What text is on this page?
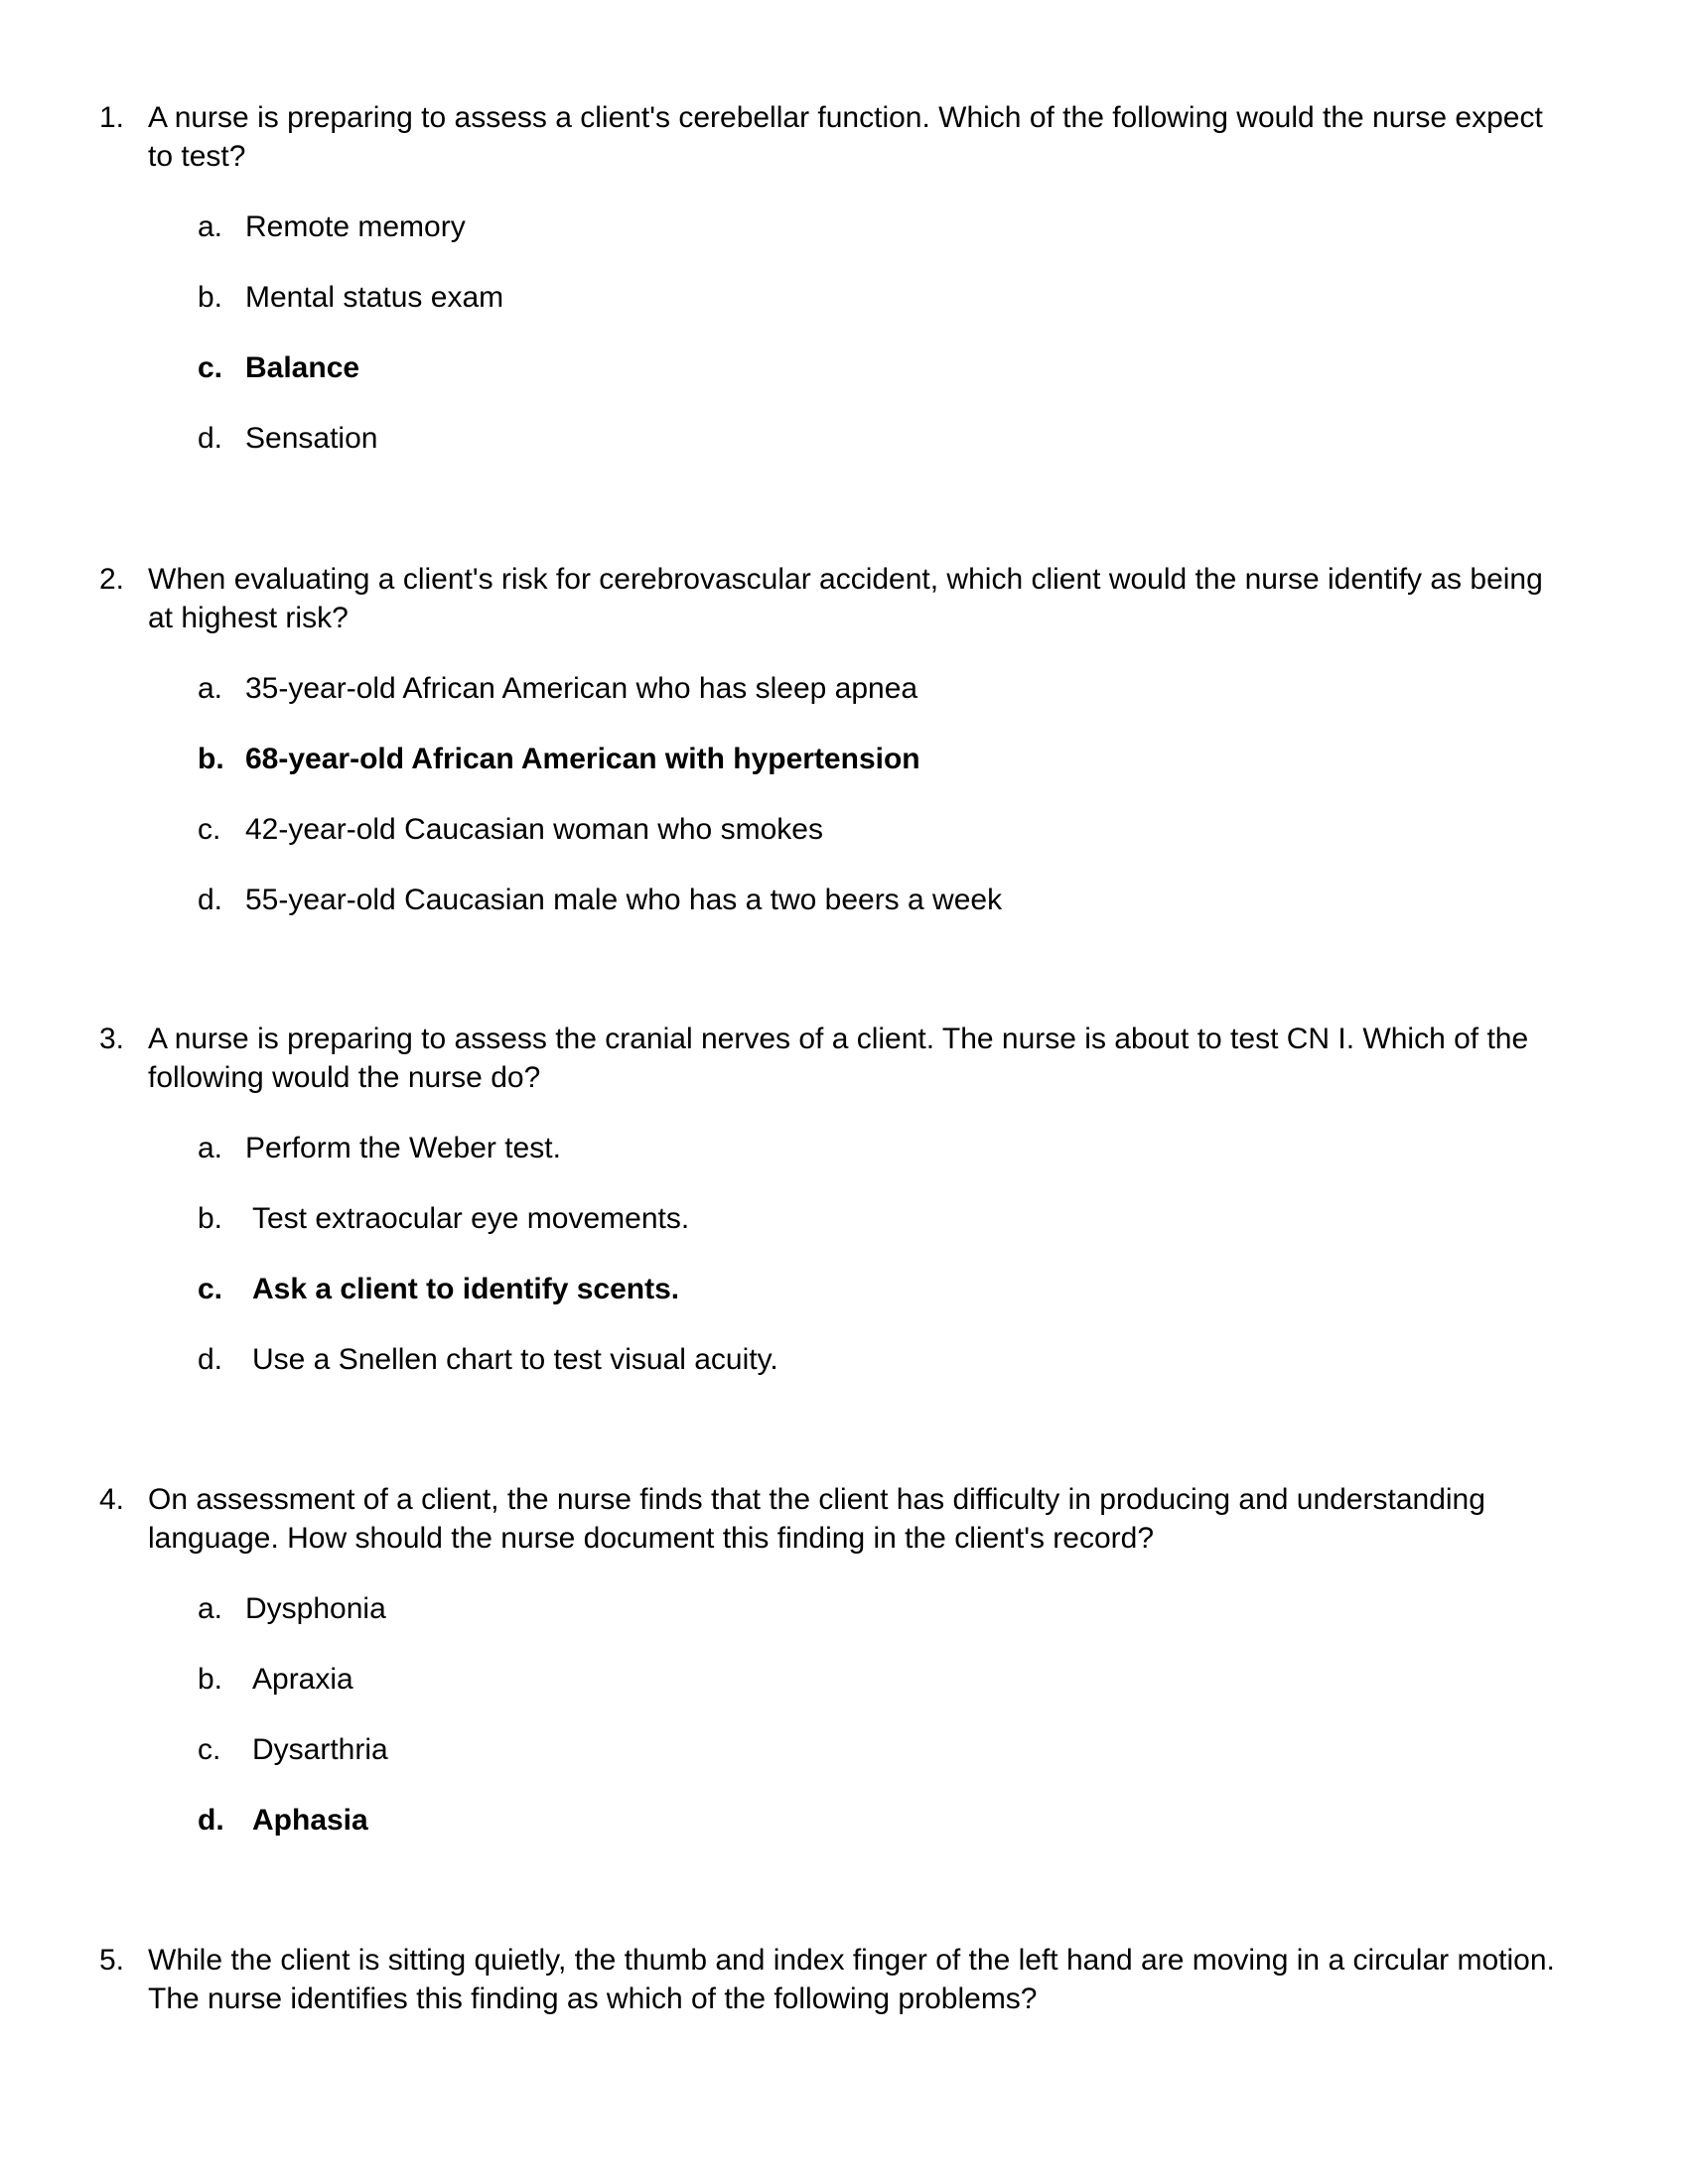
1. A nurse is preparing to assess a client's cerebellar function. Which of the following would the nurse expect to test?
a. Remote memory
b. Mental status exam
c. Balance
d. Sensation
2. When evaluating a client's risk for cerebrovascular accident, which client would the nurse identify as being at highest risk?
a. 35-year-old African American who has sleep apnea
b. 68-year-old African American with hypertension
c. 42-year-old Caucasian woman who smokes
d. 55-year-old Caucasian male who has a two beers a week
3. A nurse is preparing to assess the cranial nerves of a client. The nurse is about to test CN I. Which of the following would the nurse do?
a. Perform the Weber test.
b. Test extraocular eye movements.
c. Ask a client to identify scents.
d. Use a Snellen chart to test visual acuity.
4. On assessment of a client, the nurse finds that the client has difficulty in producing and understanding language. How should the nurse document this finding in the client's record?
a. Dysphonia
b. Apraxia
c.	Dysarthria
d. Aphasia
5. While the client is sitting quietly, the thumb and index finger of the left hand are moving in a circular motion. The nurse identifies this finding as which of the following problems?
